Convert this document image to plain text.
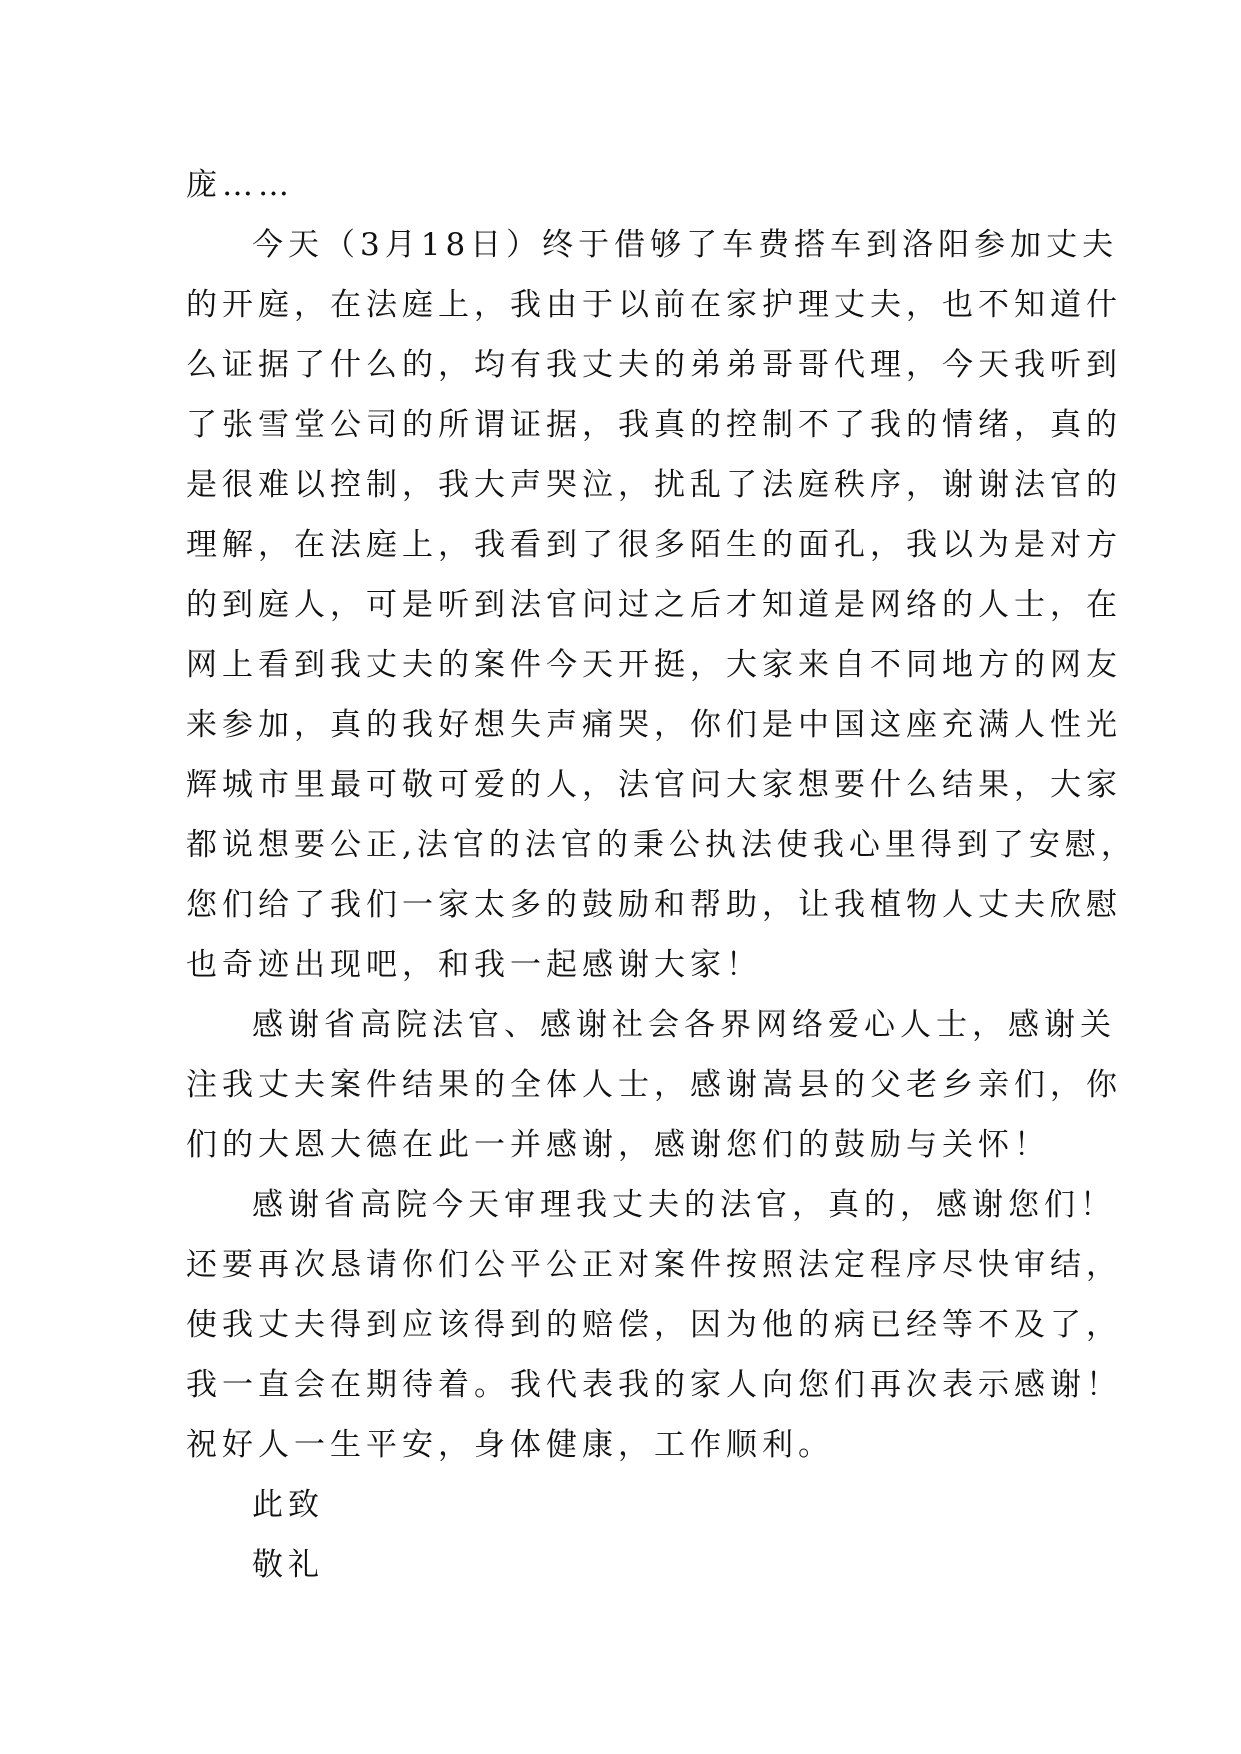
庞……
今天（3月18日）终于借够了车费搭车到洛阳参加丈夫
的开庭，在法庭上，我由于以前在家护理丈夫，也不知道什
么证据了什么的，均有我丈夫的弟弟哥哥代理，今天我听到
了张雪堂公司的所谓证据，我真的控制不了我的情绪，真的
是很难以控制，我大声哭泣，扰乱了法庭秩序，谢谢法官的
理解，在法庭上，我看到了很多陌生的面孔，我以为是对方
的到庭人，可是听到法官问过之后才知道是网络的人士，在
网上看到我丈夫的案件今天开挺，大家来自不同地方的网友
来参加，真的我好想失声痛哭，你们是中国这座充满人性光
辉城市里最可敬可爱的人，法官问大家想要什么结果，大家
都说想要公正,法官的法官的秉公执法使我心里得到了安慰，
您们给了我们一家太多的鼓励和帮助，让我植物人丈夫欣慰
也奇迹出现吧，和我一起感谢大家！
感谢省高院法官、感谢社会各界网络爱心人士，感谢关
注我丈夫案件结果的全体人士，感谢嵩县的父老乡亲们，你
们的大恩大德在此一并感谢，感谢您们的鼓励与关怀！
感谢省高院今天审理我丈夫的法官，真的，感谢您们！
还要再次恳请你们公平公正对案件按照法定程序尽快审结，
使我丈夫得到应该得到的赔偿，因为他的病已经等不及了，
我一直会在期待着。我代表我的家人向您们再次表示感谢！
祝好人一生平安，身体健康，工作顺利。
此致
敬礼
